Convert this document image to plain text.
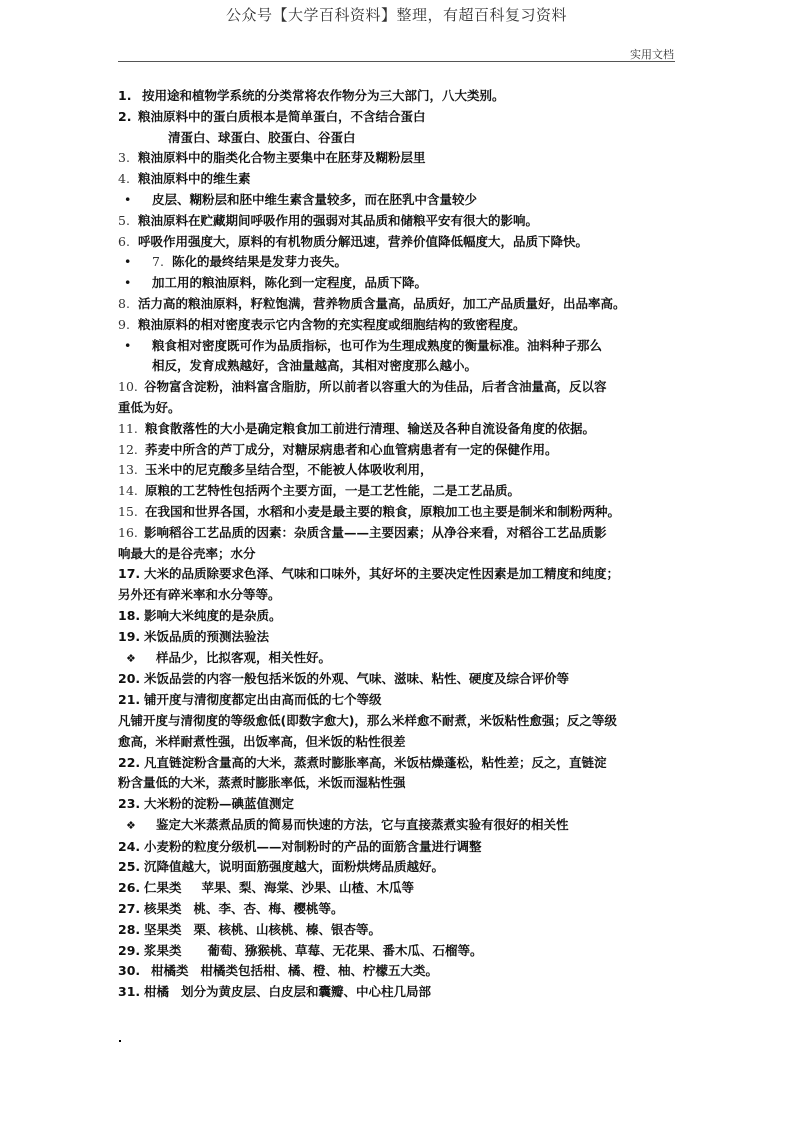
公众号【大学百科资料】整理，有超百科复习资料
实用文档
1. 按用途和植物学系统的分类常将农作物分为三大部门，八大类别。
2. 粮油原料中的蛋白质根本是简单蛋白，不含结合蛋白
清蛋白、球蛋白、胶蛋白、谷蛋白
3. 粮油原料中的脂类化合物主要集中在胚芽及糊粉层里
4. 粮油原料中的维生素
• 皮层、糊粉层和胚中维生素含量较多，而在胚乳中含量较少
5. 粮油原料在贮藏期间呼吸作用的强弱对其品质和储粮平安有很大的影响。
6. 呼吸作用强度大，原料的有机物质分解迅速，营养价值降低幅度大，品质下降快。
• 7. 陈化的最终结果是发芽力丧失。
• 加工用的粮油原料，陈化到一定程度，品质下降。
8. 活力高的粮油原料，籽粒饱满，营养物质含量高，品质好，加工产品质量好，出品率高。
9. 粮油原料的相对密度表示它内含物的充实程度或细胞结构的致密程度。
• 粮食相对密度既可作为品质指标，也可作为生理成熟度的衡量标准。油料种子那么
相反，发育成熟越好，含油量越高，其相对密度那么越小。
10. 谷物富含淀粉，油料富含脂肪，所以前者以容重大的为佳品，后者含油量高，反以容
重低为好。
11. 粮食散落性的大小是确定粮食加工前进行清理、输送及各种自流设备角度的依据。
12. 荞麦中所含的芦丁成分，对糖尿病患者和心血管病患者有一定的保健作用。
13. 玉米中的尼克酸多呈结合型，不能被人体吸收利用，
14. 原粮的工艺特性包括两个主要方面，一是工艺性能，二是工艺品质。
15. 在我国和世界各国，水稻和小麦是最主要的粮食，原粮加工也主要是制米和制粉两种。
16. 影响稻谷工艺品质的因素：杂质含量——主要因素；从净谷来看，对稻谷工艺品质影
响最大的是谷壳率；水分
17. 大米的品质除要求色泽、气味和口味外，其好坏的主要决定性因素是加工精度和纯度；
另外还有碎米率和水分等等。
18. 影响大米纯度的是杂质。
19. 米饭品质的预测法验法
❖ 样品少，比拟客观，相关性好。
20. 米饭品尝的内容一般包括米饭的外观、气味、滋味、粘性、硬度及综合评价等
21. 铺开度与清彻度都定出由高而低的七个等级
凡铺开度与清彻度的等级愈低(即数字愈大)，那么米样愈不耐煮，米饭粘性愈强；反之等级
愈高，米样耐煮性强，出饭率高，但米饭的粘性很差
22. 凡直链淀粉含量高的大米，蒸煮时膨胀率高，米饭枯燥蓬松，粘性差；反之，直链淀
粉含量低的大米，蒸煮时膨胀率低，米饭而湿粘性强
23. 大米粉的淀粉—碘蓝值测定
❖ 鉴定大米蒸煮品质的简易而快速的方法，它与直接蒸煮实验有很好的相关性
24. 小麦粉的粒度分级机——对制粉时的产品的面筋含量进行调整
25. 沉降值越大，说明面筋强度越大，面粉烘烤品质越好。
26. 仁果类 苹果、梨、海棠、沙果、山楂、木瓜等
27. 核果类 桃、李、杏、梅、樱桃等。
28. 坚果类 栗、核桃、山核桃、榛、银杏等。
29. 浆果类 葡萄、猕猴桃、草莓、无花果、番木瓜、石榴等。
30. 柑橘类 柑橘类包括柑、橘、橙、柚、柠檬五大类。
31. 柑橘 划分为黄皮层、白皮层和囊瓣、中心柱几局部
